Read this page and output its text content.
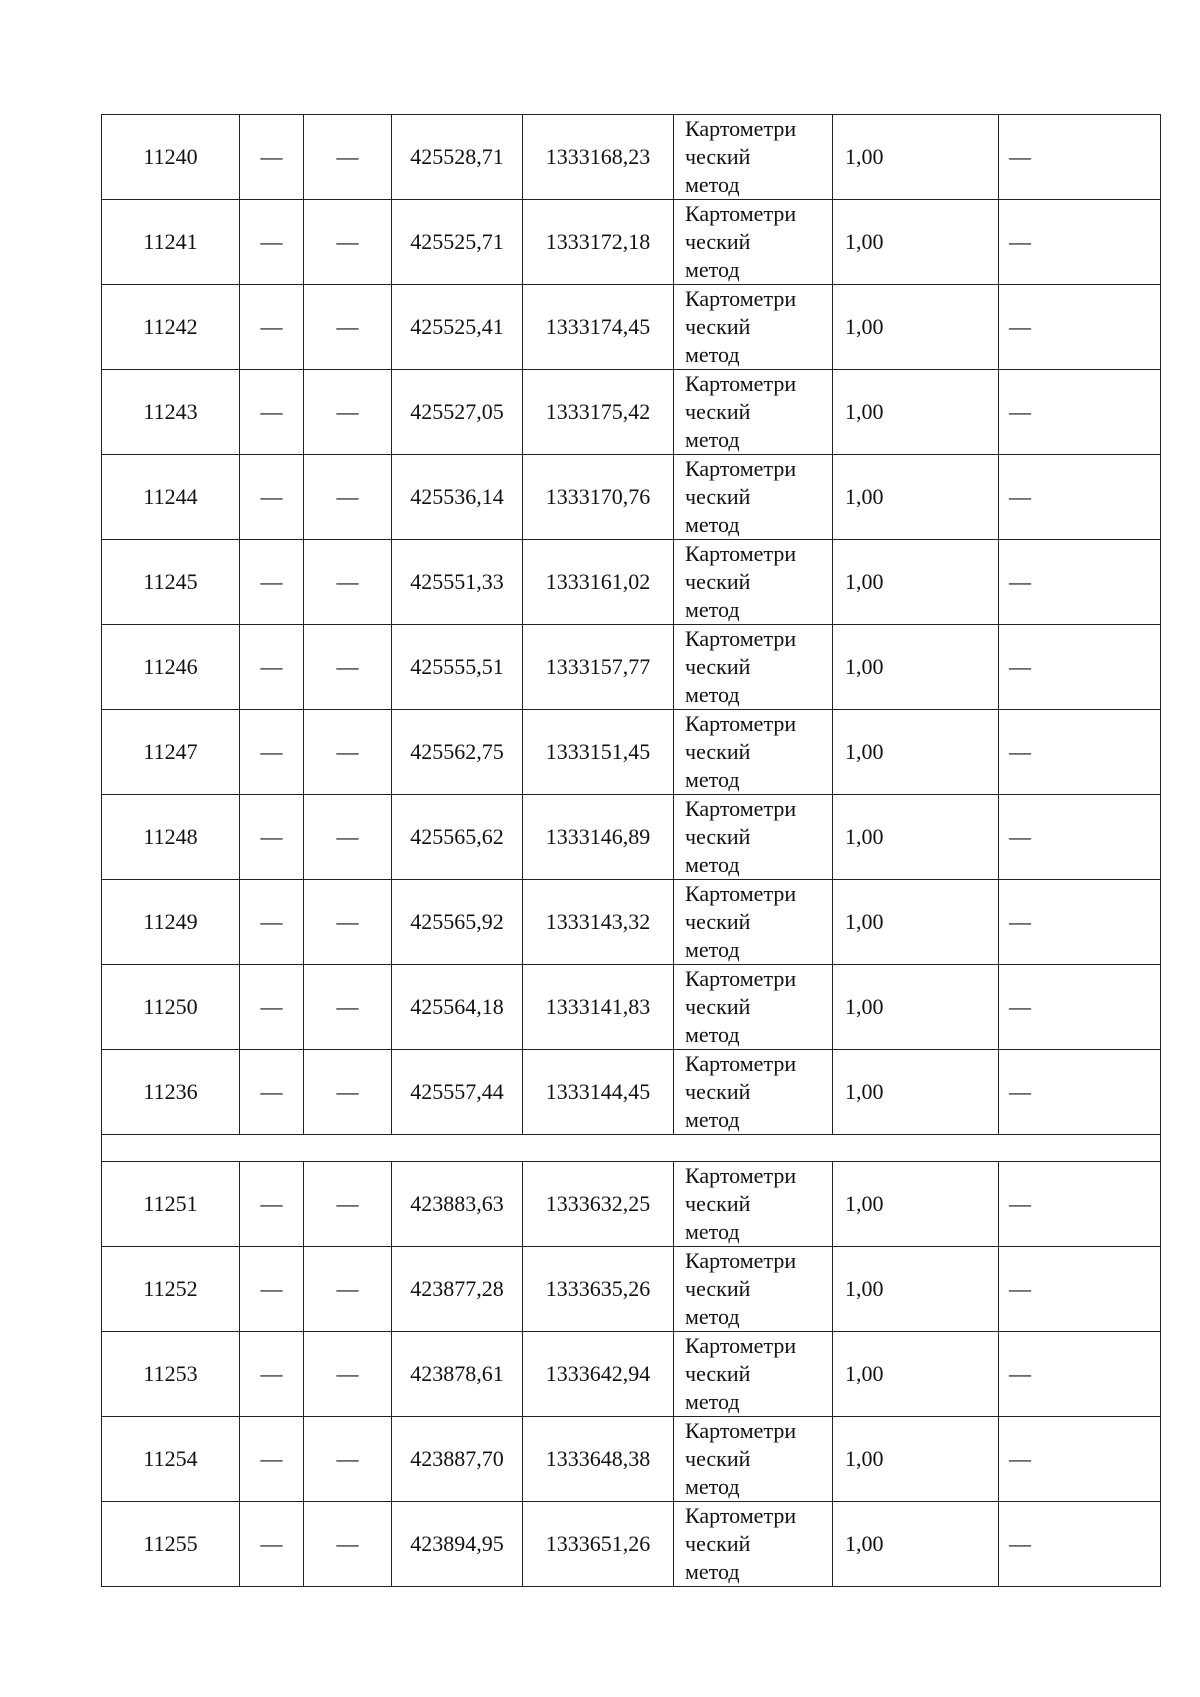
11240	—	—	425528,71	1333168,23	Картометри
ческий
метод	1,00	—
11241	—	—	425525,71	1333172,18	Картометри
ческий
метод	1,00	—
11242	—	—	425525,41	1333174,45	Картометри
ческий
метод	1,00	—
11243	—	—	425527,05	1333175,42	Картометри
ческий
метод	1,00	—
11244	—	—	425536,14	1333170,76	Картометри
ческий
метод	1,00	—
11245	—	—	425551,33	1333161,02	Картометри
ческий
метод	1,00	—
11246	—	—	425555,51	1333157,77	Картометри
ческий
метод	1,00	—
11247	—	—	425562,75	1333151,45	Картометри
ческий
метод	1,00	—
11248	—	—	425565,62	1333146,89	Картометри
ческий
метод	1,00	—
11249	—	—	425565,92	1333143,32	Картометри
ческий
метод	1,00	—
11250	—	—	425564,18	1333141,83	Картометри
ческий
метод	1,00	—
11236	—	—	425557,44	1333144,45	Картометри
ческий
метод	1,00	—

11251	—	—	423883,63	1333632,25	Картометри
ческий
метод	1,00	—
11252	—	—	423877,28	1333635,26	Картометри
ческий
метод	1,00	—
11253	—	—	423878,61	1333642,94	Картометри
ческий
метод	1,00	—
11254	—	—	423887,70	1333648,38	Картометри
ческий
метод	1,00	—
11255	—	—	423894,95	1333651,26	Картометри
ческий
метод	1,00	—
